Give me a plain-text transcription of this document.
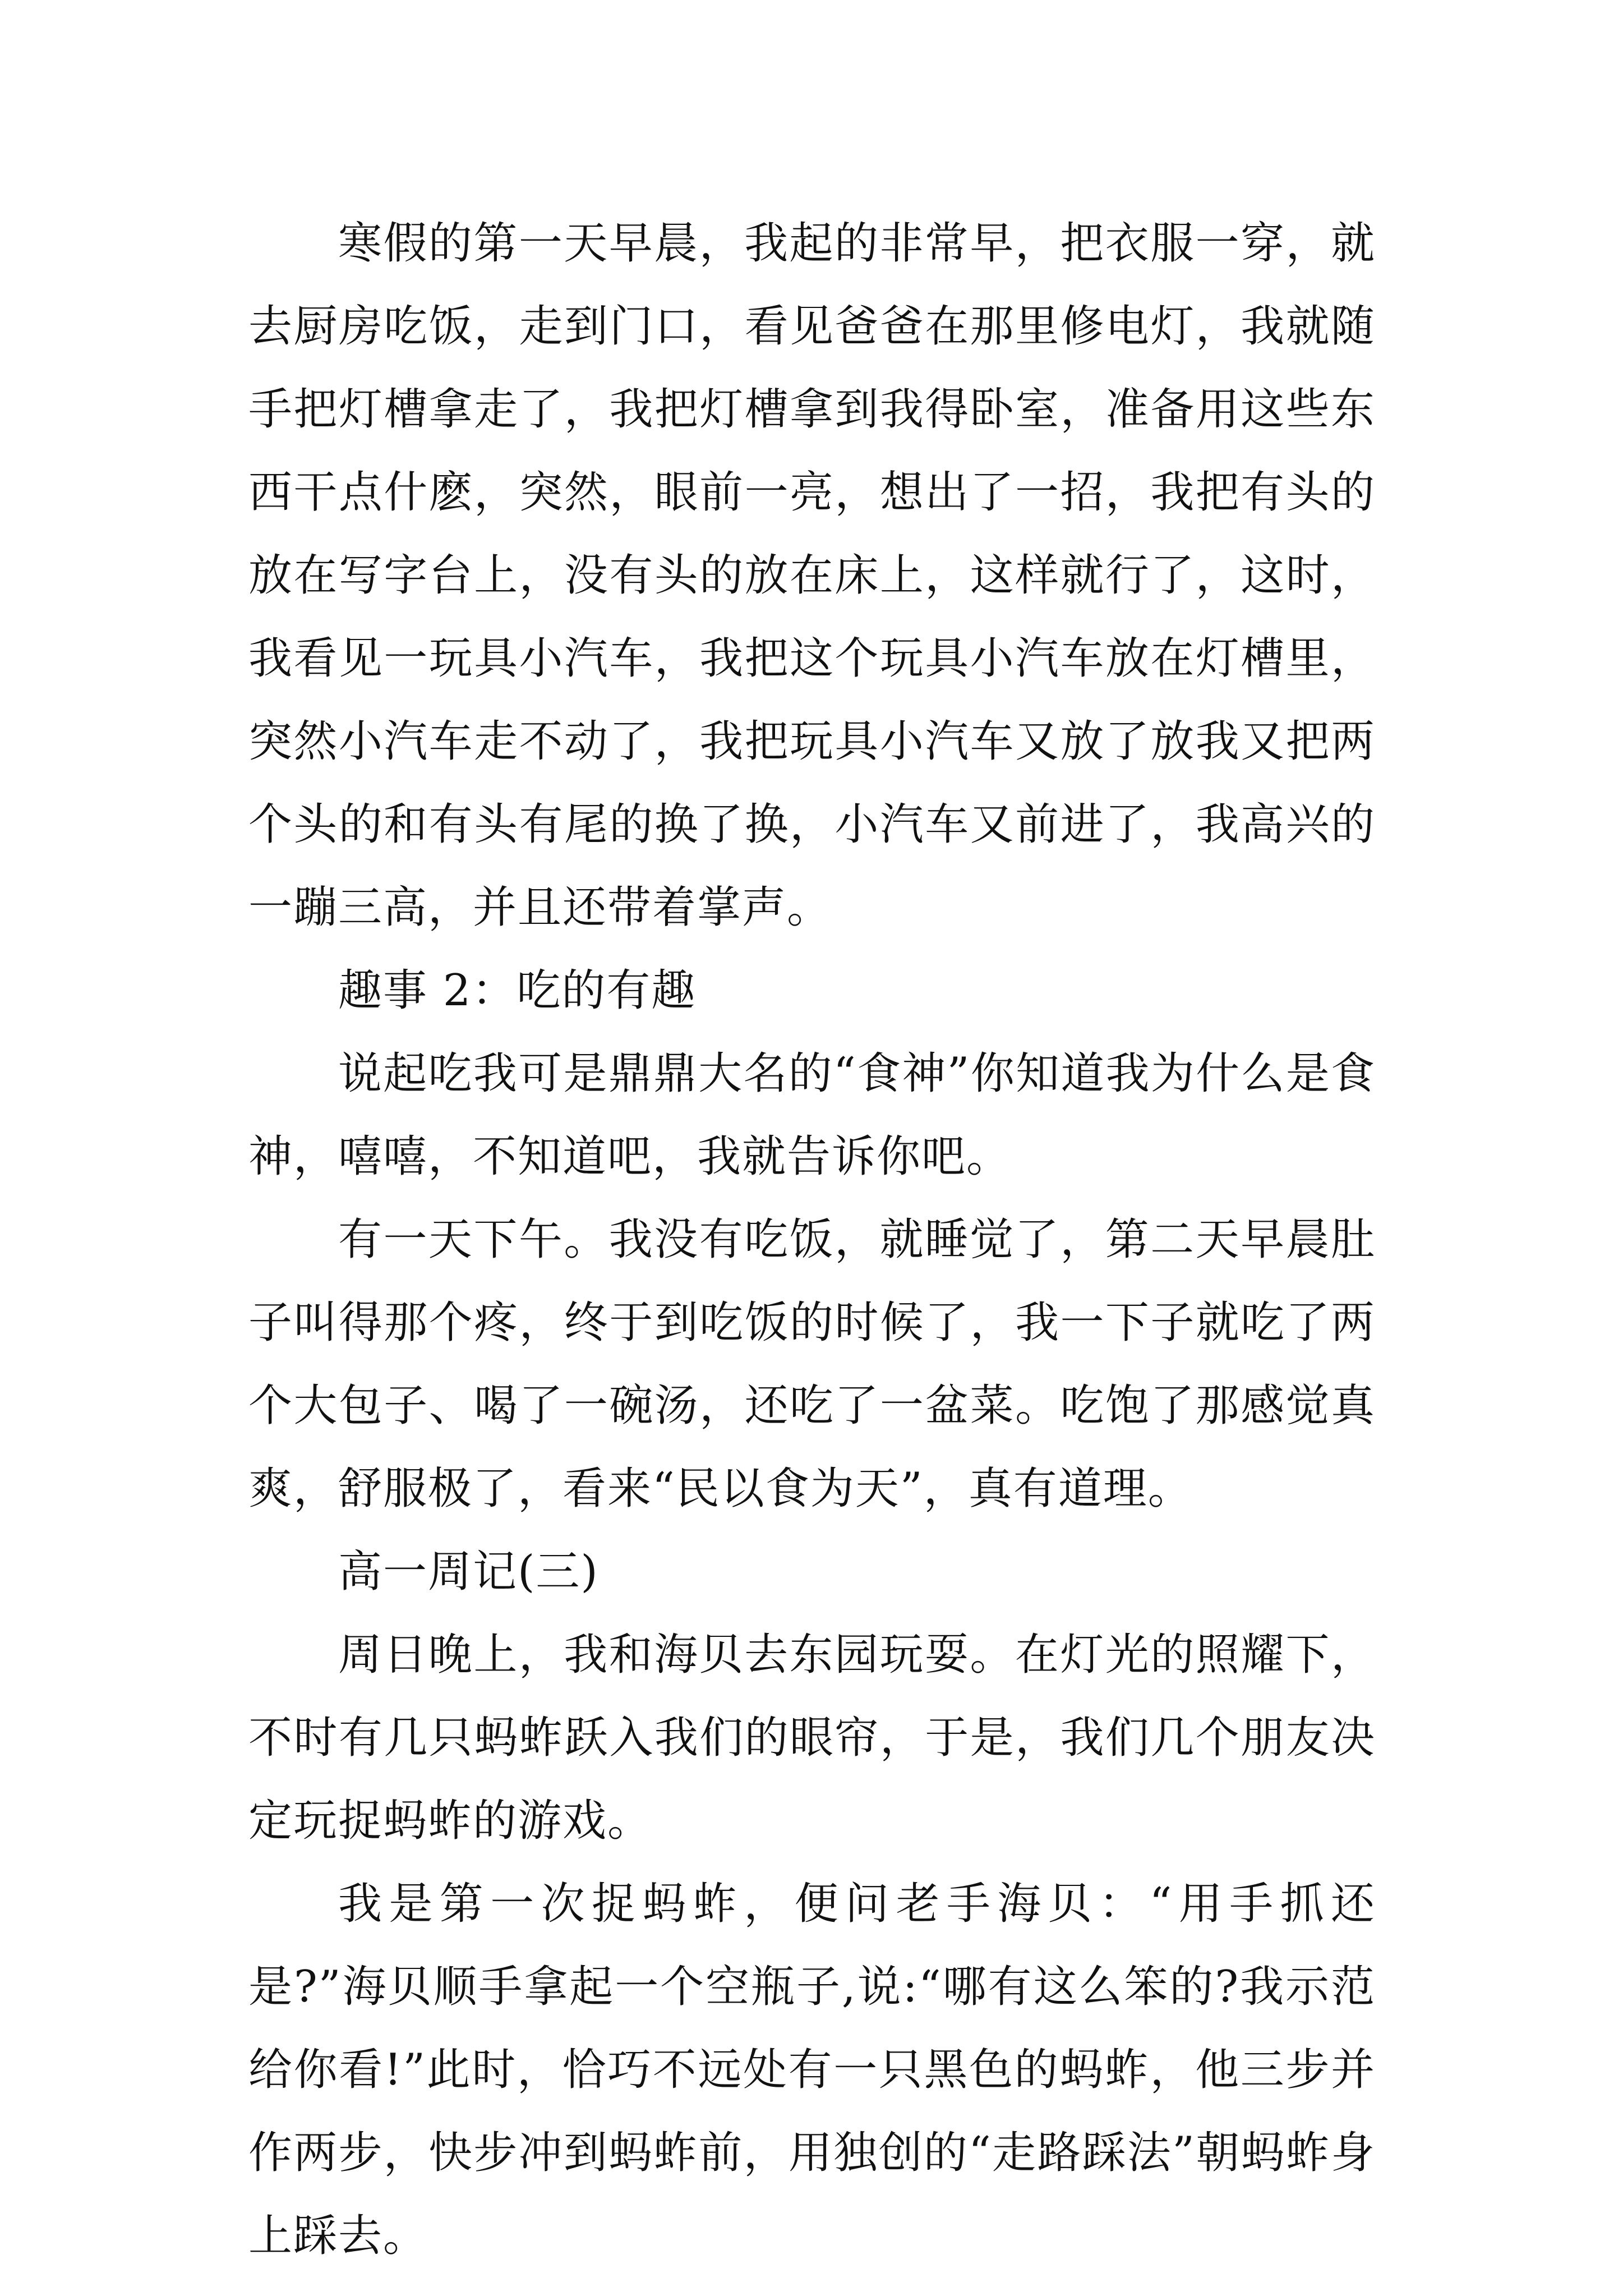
寒假的第一天早晨，我起的非常早，把衣服一穿，就去厨房吃饭，走到门口，看见爸爸在那里修电灯，我就随手把灯槽拿走了，我把灯槽拿到我得卧室，准备用这些东西干点什麽，突然，眼前一亮，想出了一招，我把有头的放在写字台上，没有头的放在床上，这样就行了，这时，我看见一玩具小汽车，我把这个玩具小汽车放在灯槽里，突然小汽车走不动了，我把玩具小汽车又放了放我又把两个头的和有头有尾的换了换，小汽车又前进了，我高兴的一蹦三高，并且还带着掌声。

趣事 2：吃的有趣

说起吃我可是鼎鼎大名的“食神”你知道我为什么是食神，嘻嘻，不知道吧，我就告诉你吧。

有一天下午。我没有吃饭，就睡觉了，第二天早晨肚子叫得那个疼，终于到吃饭的时候了，我一下子就吃了两个大包子、喝了一碗汤，还吃了一盆菜。吃饱了那感觉真爽，舒服极了，看来“民以食为天”，真有道理。

高一周记(三)

周日晚上，我和海贝去东园玩耍。在灯光的照耀下，不时有几只蚂蚱跃入我们的眼帘，于是，我们几个朋友决定玩捉蚂蚱的游戏。

我是第一次捉蚂蚱，便问老手海贝：“用手抓还是?”海贝顺手拿起一个空瓶子,说:“哪有这么笨的?我示范给你看!”此时，恰巧不远处有一只黑色的蚂蚱，他三步并作两步，快步冲到蚂蚱前，用独创的“走路踩法”朝蚂蚱身上踩去。
